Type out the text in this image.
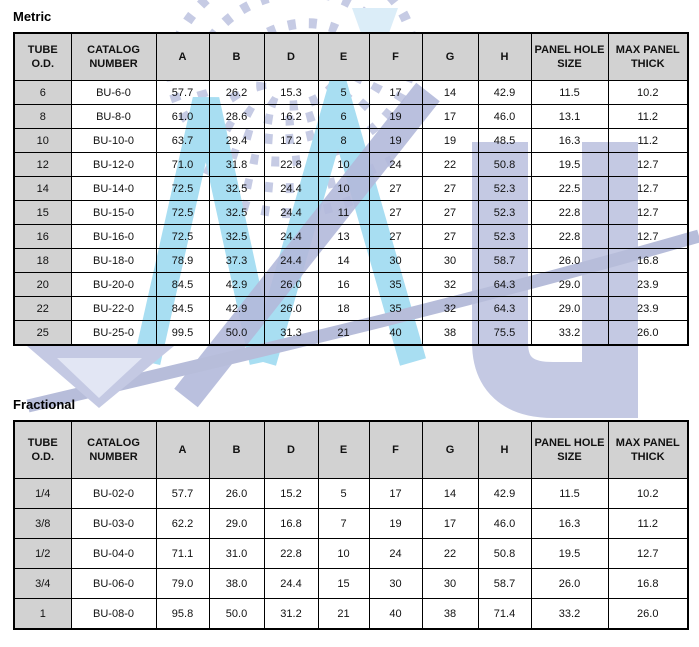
Metric
TUBE O.D.	CATALOG NUMBER	A	B	D	E	F	G	H	PANEL HOLE SIZE	MAX PANEL THICK
6	BU-6-0	57.7	26.2	15.3	5	17	14	42.9	11.5	10.2
8	BU-8-0	61.0	28.6	16.2	6	19	17	46.0	13.1	11.2
10	BU-10-0	63.7	29.4	17.2	8	19	19	48.5	16.3	11.2
12	BU-12-0	71.0	31.8	22.8	10	24	22	50.8	19.5	12.7
14	BU-14-0	72.5	32.5	24.4	10	27	27	52.3	22.5	12.7
15	BU-15-0	72.5	32.5	24.4	11	27	27	52.3	22.8	12.7
16	BU-16-0	72.5	32.5	24.4	13	27	27	52.3	22.8	12.7
18	BU-18-0	78.9	37.3	24.4	14	30	30	58.7	26.0	16.8
20	BU-20-0	84.5	42.9	26.0	16	35	32	64.3	29.0	23.9
22	BU-22-0	84.5	42.9	26.0	18	35	32	64.3	29.0	23.9
25	BU-25-0	99.5	50.0	31.3	21	40	38	75.5	33.2	26.0
Fractional
TUBE O.D.	CATALOG NUMBER	A	B	D	E	F	G	H	PANEL HOLE SIZE	MAX PANEL THICK
1/4	BU-02-0	57.7	26.0	15.2	5	17	14	42.9	11.5	10.2
3/8	BU-03-0	62.2	29.0	16.8	7	19	17	46.0	16.3	11.2
1/2	BU-04-0	71.1	31.0	22.8	10	24	22	50.8	19.5	12.7
3/4	BU-06-0	79.0	38.0	24.4	15	30	30	58.7	26.0	16.8
1	BU-08-0	95.8	50.0	31.2	21	40	38	71.4	33.2	26.0
